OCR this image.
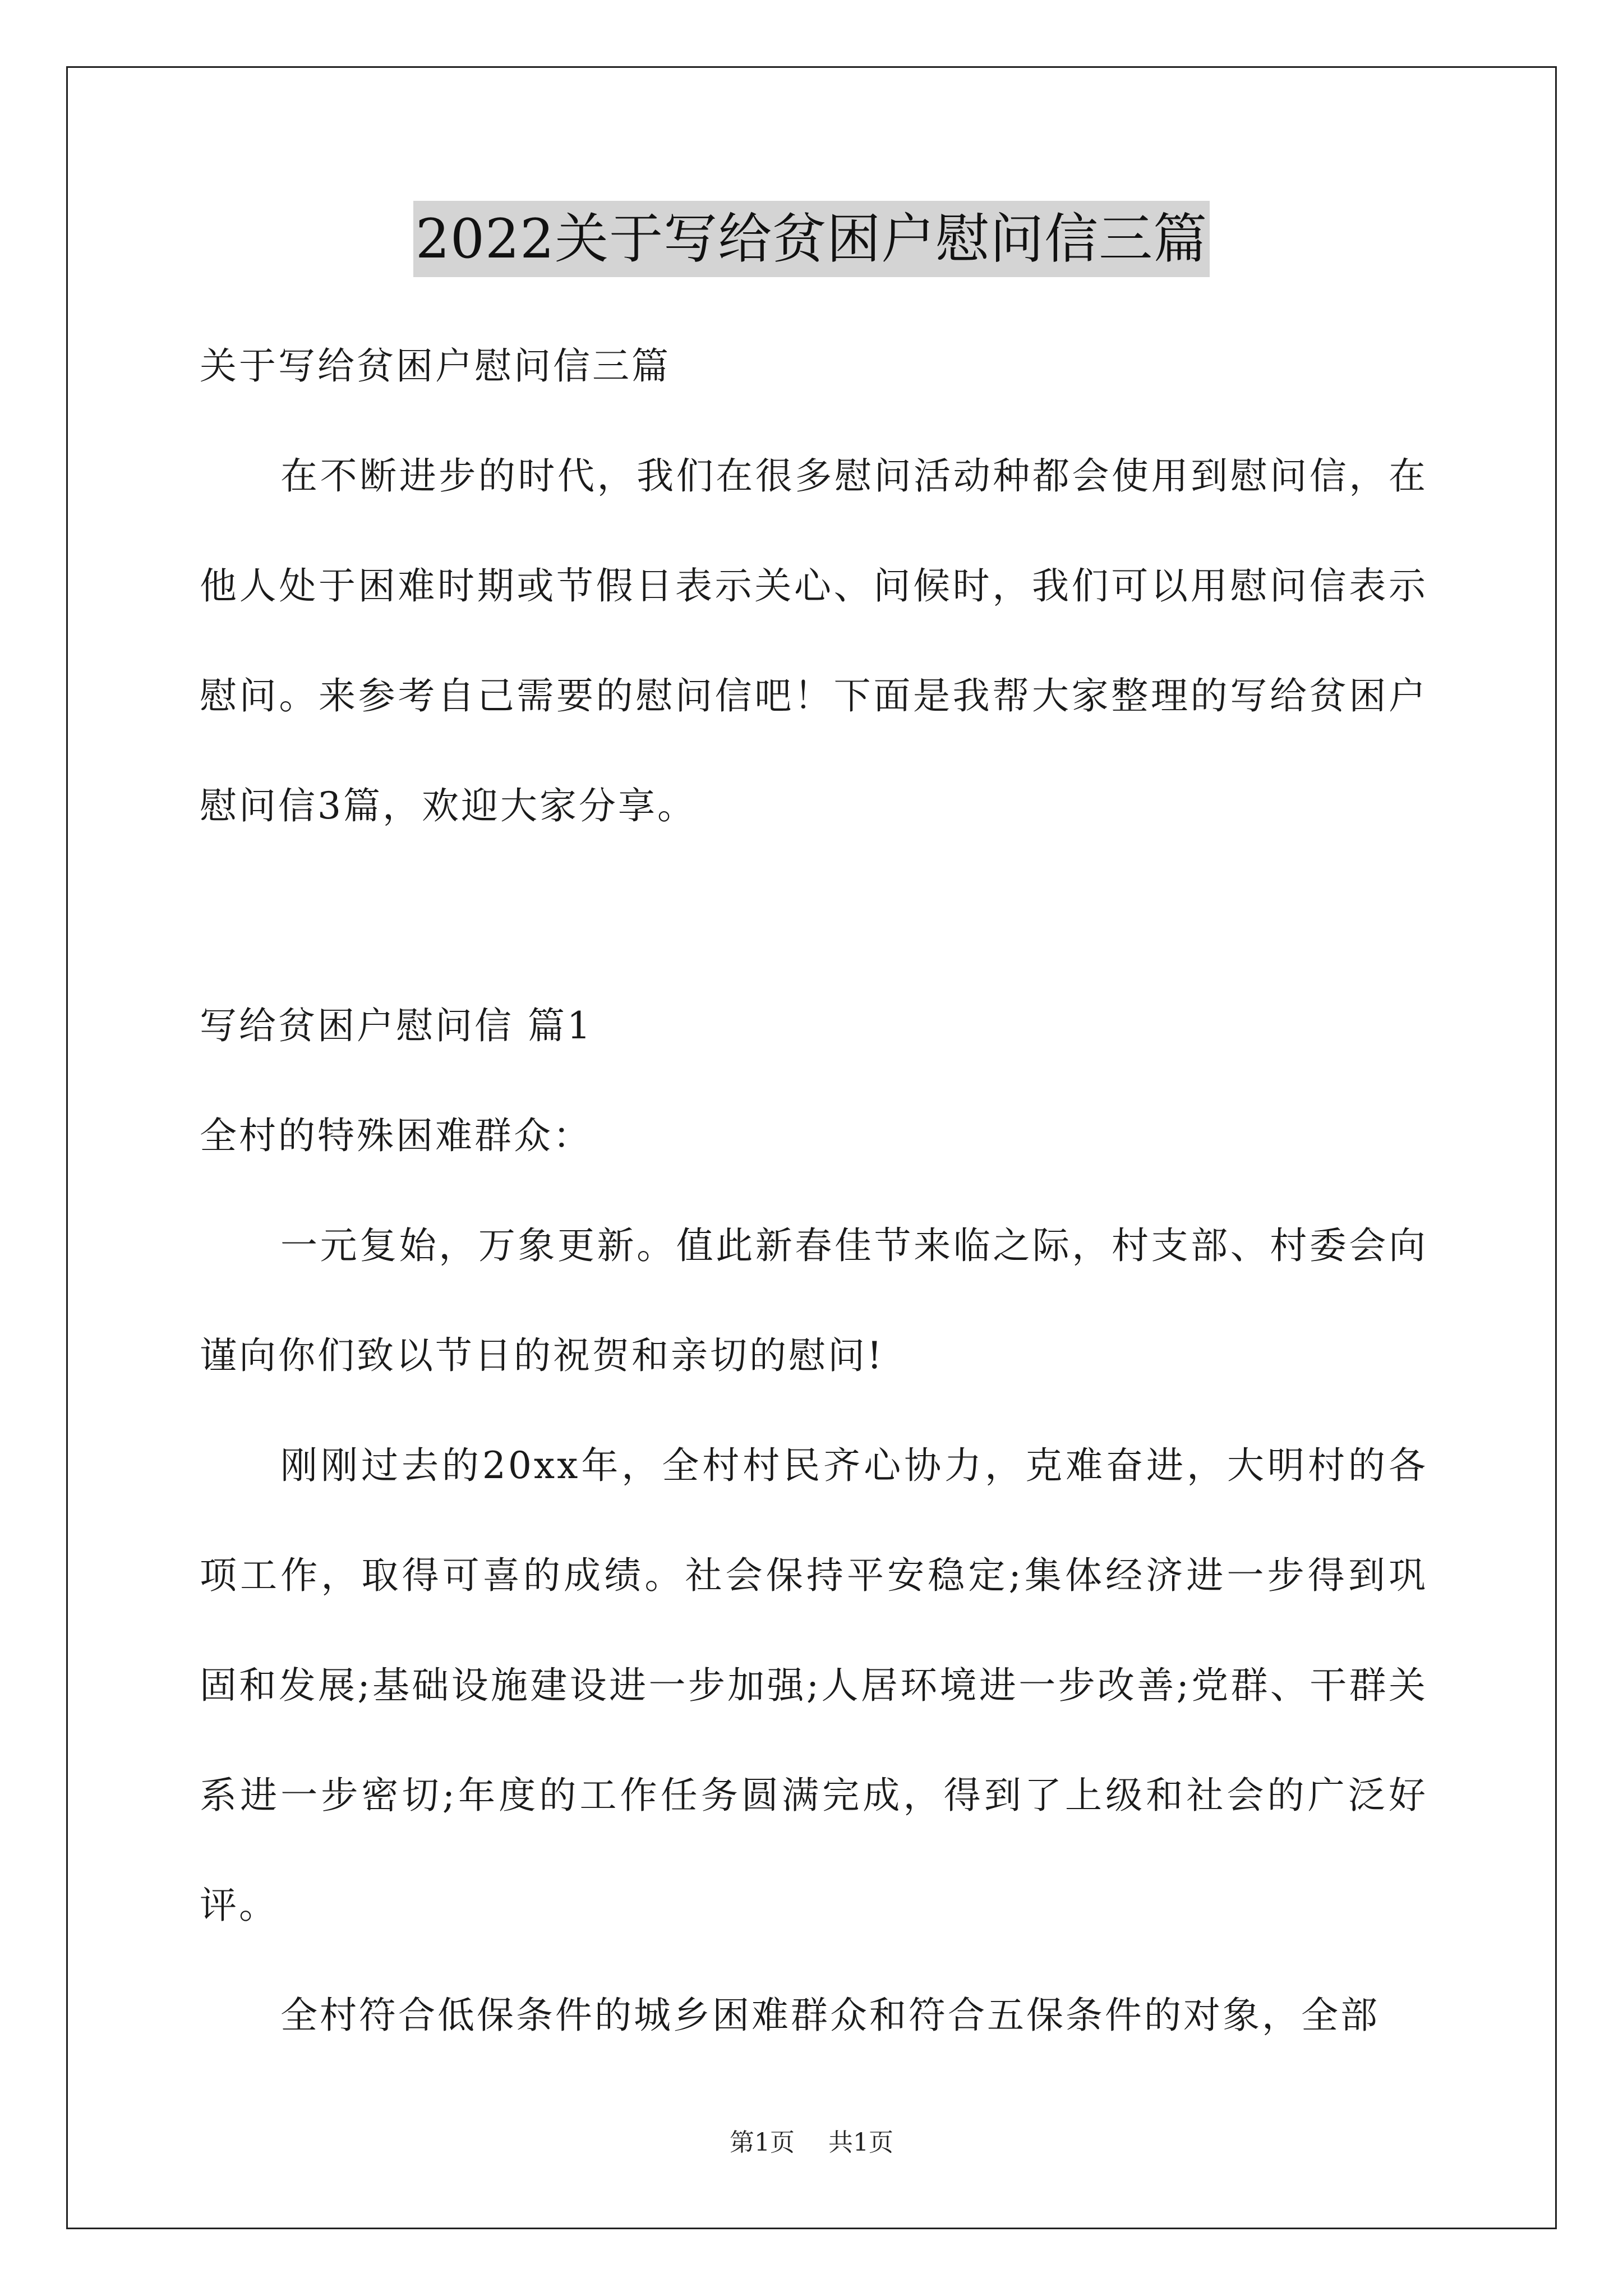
2022关于写给贫困户慰问信三篇

关于写给贫困户慰问信三篇

在不断进步的时代，我们在很多慰问活动种都会使用到慰问信，在他人处于困难时期或节假日表示关心、问候时，我们可以用慰问信表示慰问。来参考自己需要的慰问信吧！下面是我帮大家整理的写给贫困户慰问信3篇，欢迎大家分享。

写给贫困户慰问信 篇1

全村的特殊困难群众：

一元复始，万象更新。值此新春佳节来临之际，村支部、村委会向谨向你们致以节日的祝贺和亲切的慰问!

刚刚过去的20xx年，全村村民齐心协力，克难奋进，大明村的各项工作，取得可喜的成绩。社会保持平安稳定;集体经济进一步得到巩固和发展;基础设施建设进一步加强;人居环境进一步改善;党群、干群关系进一步密切;年度的工作任务圆满完成，得到了上级和社会的广泛好评。

全村符合低保条件的城乡困难群众和符合五保条件的对象，全部

第1页 共1页
